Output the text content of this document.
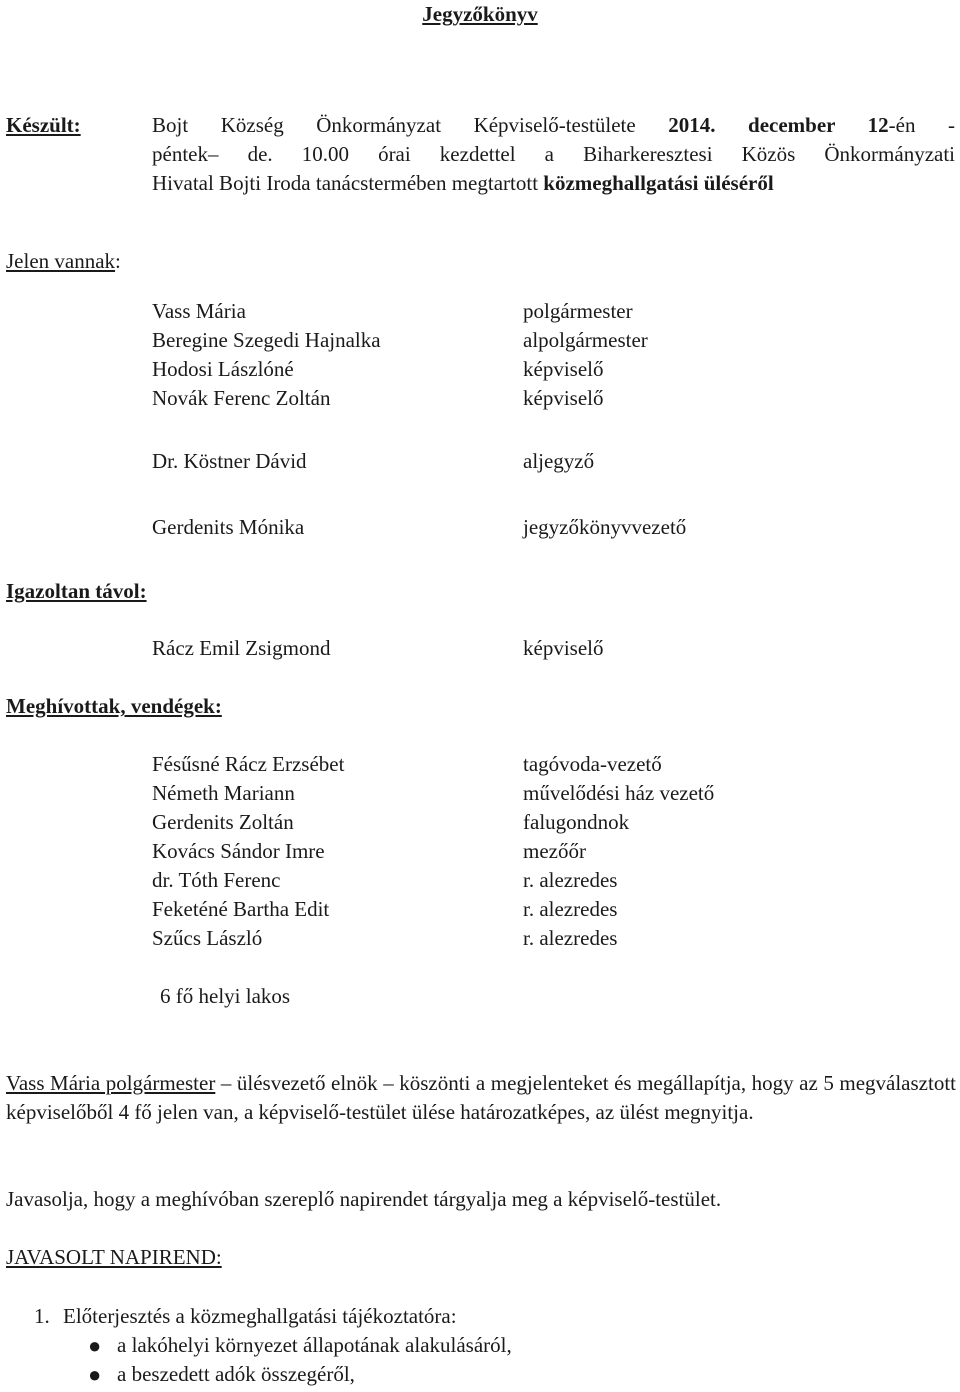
Jegyzőkönyv
Készült:	Bojt Község Önkormányzat Képviselő-testülete 2014. december 12-én -
péntek– de. 10.00 órai kezdettel a Biharkeresztesi Közös Önkormányzati
Hivatal Bojti Iroda tanácstermében megtartott közmeghallgatási üléséről
Jelen vannak:
Vass Mária	polgármester
Beregine Szegedi Hajnalka	alpolgármester
Hodosi Lászlóné	képviselő
Novák Ferenc Zoltán	képviselő
Dr. Köstner Dávid	aljegyző
Gerdenits Mónika	jegyzőkönyvvezető
Igazoltan távol:
Rácz Emil Zsigmond	képviselő
Meghívottak, vendégek:
Fésűsné Rácz Erzsébet	tagóvoda-vezető
Németh Mariann	művelődési ház vezető
Gerdenits Zoltán	falugondnok
Kovács Sándor Imre	mezőőr
dr. Tóth Ferenc	r. alezredes
Feketéné Bartha Edit	r. alezredes
Szűcs László	r. alezredes
6 fő helyi lakos
Vass Mária polgármester – ülésvezető elnök – köszönti a megjelenteket és megállapítja, hogy az 5 megválasztott képviselőből 4 fő jelen van, a képviselő-testület ülése határozatképes, az ülést megnyitja.
Javasolja, hogy a meghívóban szereplő napirendet tárgyalja meg a képviselő-testület.
JAVASOLT NAPIREND:
1. Előterjesztés a közmeghallgatási tájékoztatóra:
● a lakóhelyi környezet állapotának alakulásáról,
● a beszedett adók összegéről,
